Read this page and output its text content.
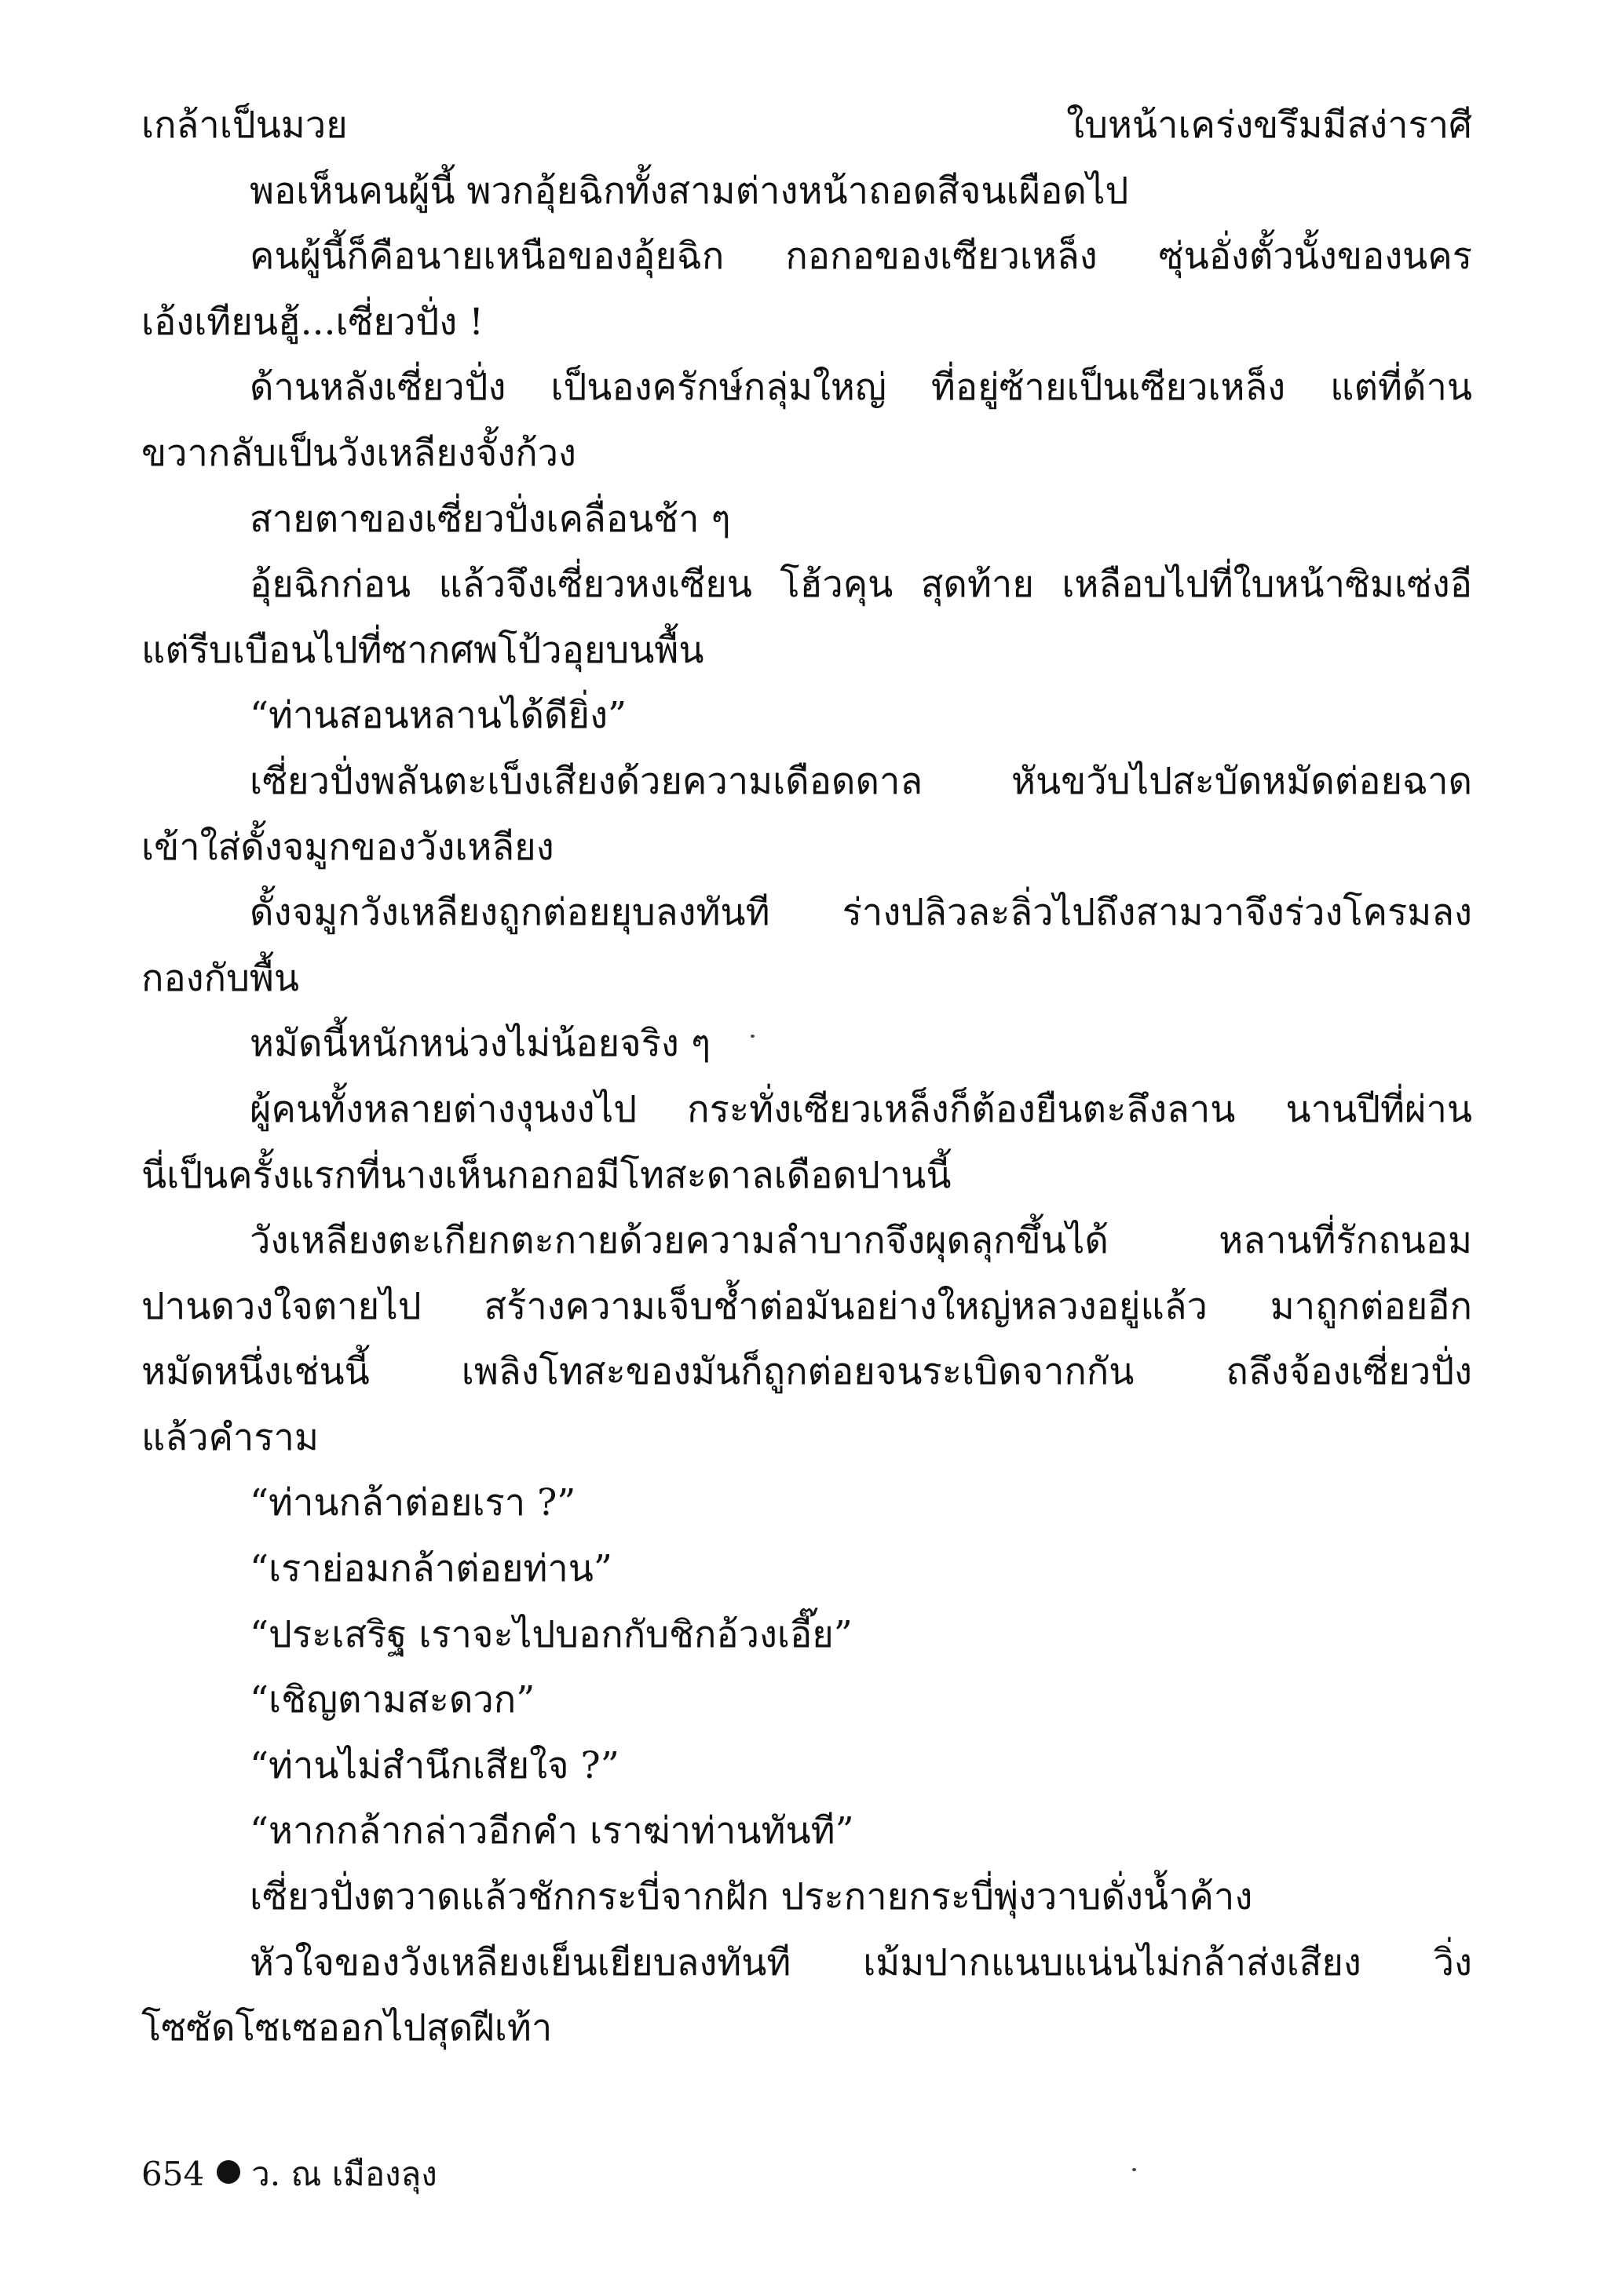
เกล้าเป็นมวย ใบหน้าเคร่งขรึมมีสง่าราศี
พอเห็นคนผู้นี้ พวกอุ้ยฉิกทั้งสามต่างหน้าถอดสีจนเผือดไป
คนผู้นี้ก็คือนายเหนือของอุ้ยฉิก กอกอของเซียวเหล็ง ซุ่นอั่งตั้วนั้งของนคร
เอ้งเทียนฮู้...เซี่ยวปั่ง !
ด้านหลังเซี่ยวปั่ง เป็นองครักษ์กลุ่มใหญ่ ที่อยู่ซ้ายเป็นเซียวเหล็ง แต่ที่ด้าน
ขวากลับเป็นวังเหลียงจั้งก้วง
สายตาของเซี่ยวปั่งเคลื่อนช้า ๆ
อุ้ยฉิกก่อน แล้วจึงเซี่ยวหงเซียน โฮ้วคุน สุดท้าย เหลือบไปที่ใบหน้าซิมเซ่งอี
แต่รีบเบือนไปที่ซากศพโป้วอุยบนพื้น
“ท่านสอนหลานได้ดียิ่ง”
เซี่ยวปั่งพลันตะเบ็งเสียงด้วยความเดือดดาล หันขวับไปสะบัดหมัดต่อยฉาด
เข้าใส่ดั้งจมูกของวังเหลียง
ดั้งจมูกวังเหลียงถูกต่อยยุบลงทันที ร่างปลิวละลิ่วไปถึงสามวาจึงร่วงโครมลง
กองกับพื้น
หมัดนี้หนักหน่วงไม่น้อยจริง ๆ
ผู้คนทั้งหลายต่างงุนงงไป กระทั่งเซียวเหล็งก็ต้องยืนตะลึงลาน นานปีที่ผ่าน
นี่เป็นครั้งแรกที่นางเห็นกอกอมีโทสะดาลเดือดปานนี้
วังเหลียงตะเกียกตะกายด้วยความลำบากจึงผุดลุกขึ้นได้ หลานที่รักถนอม
ปานดวงใจตายไป สร้างความเจ็บช้ำต่อมันอย่างใหญ่หลวงอยู่แล้ว มาถูกต่อยอีก
หมัดหนึ่งเช่นนี้ เพลิงโทสะของมันก็ถูกต่อยจนระเบิดจากกัน ถลึงจ้องเซี่ยวปั่ง
แล้วคำราม
“ท่านกล้าต่อยเรา ?”
“เราย่อมกล้าต่อยท่าน”
“ประเสริฐ เราจะไปบอกกับชิกอ้วงเอี๊ย”
“เชิญตามสะดวก”
“ท่านไม่สำนึกเสียใจ ?”
“หากกล้ากล่าวอีกคำ เราฆ่าท่านทันที”
เซี่ยวปั่งตวาดแล้วชักกระบี่จากฝัก ประกายกระบี่พุ่งวาบดั่งน้ำค้าง
หัวใจของวังเหลียงเย็นเยียบลงทันที เม้มปากแนบแน่นไม่กล้าส่งเสียง วิ่ง
โซซัดโซเซออกไปสุดฝีเท้า
654 ว. ณ เมืองลุง
